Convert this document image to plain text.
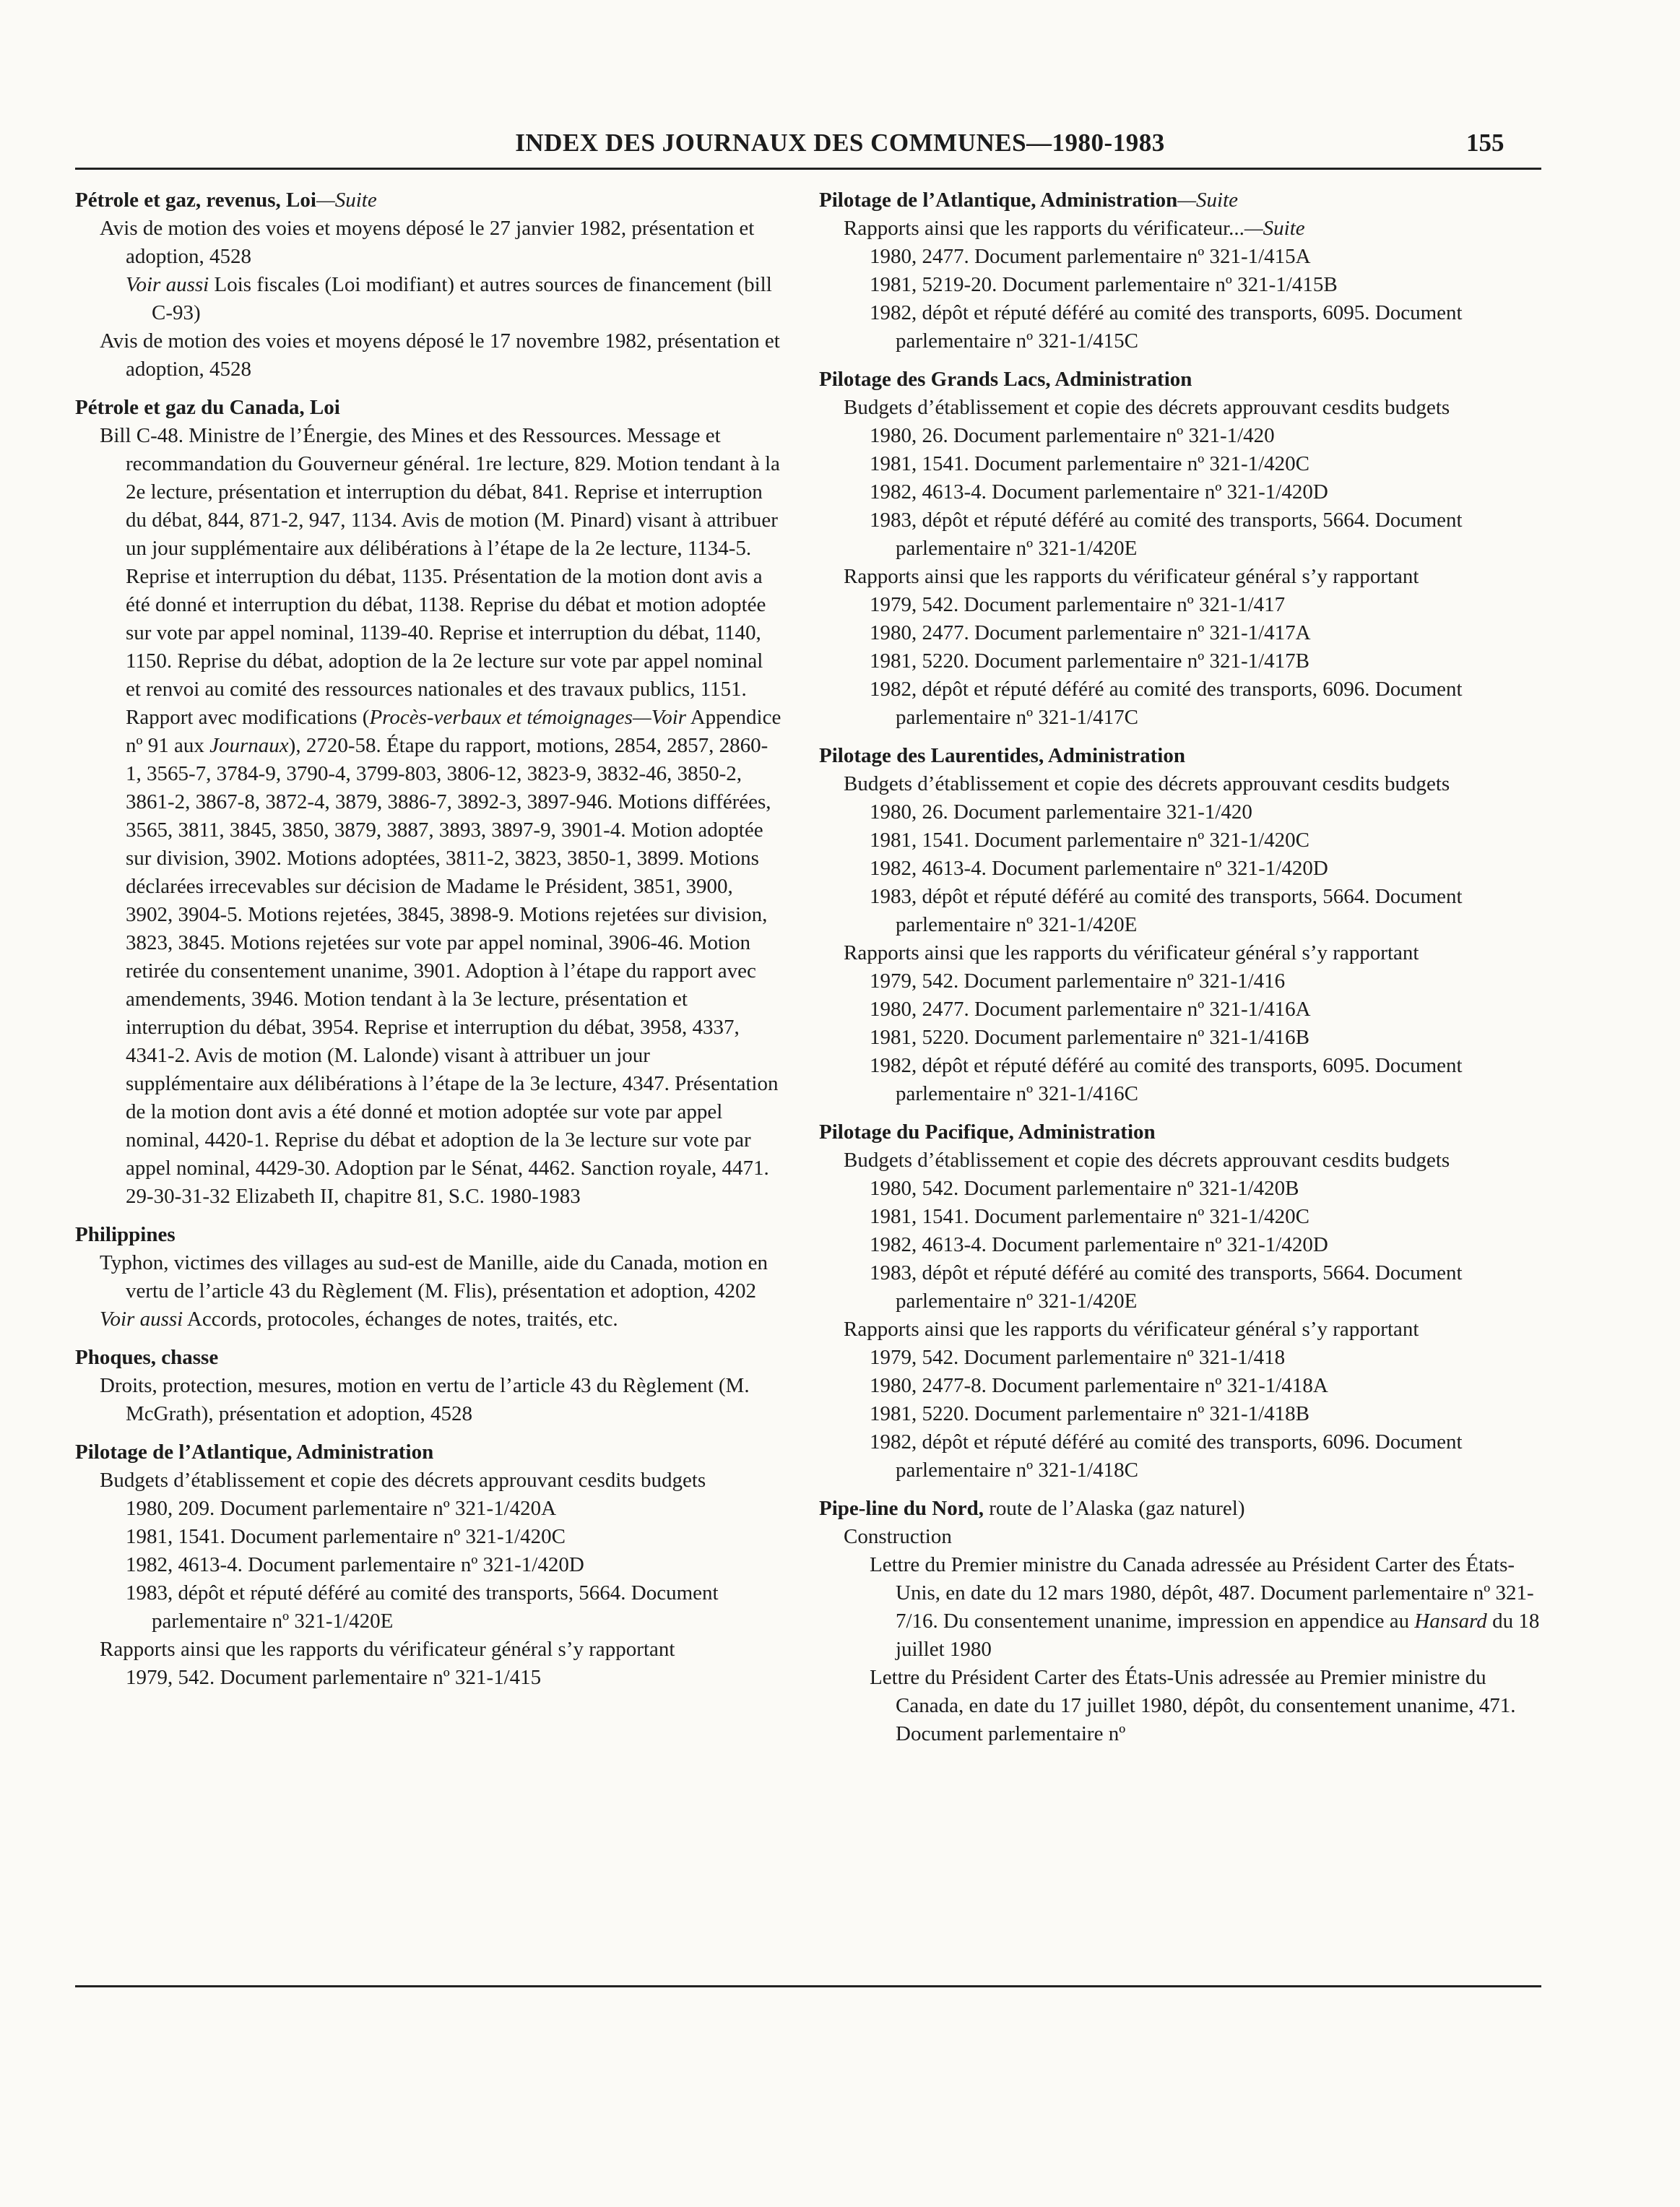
INDEX DES JOURNAUX DES COMMUNES—1980-1983	155
Pétrole et gaz, revenus, Loi—Suite
Avis de motion des voies et moyens déposé le 27 janvier 1982, présentation et adoption, 4528
Voir aussi Lois fiscales (Loi modifiant) et autres sources de financement (bill C-93)
Avis de motion des voies et moyens déposé le 17 novembre 1982, présentation et adoption, 4528
Pétrole et gaz du Canada, Loi
Bill C-48. Ministre de l’Énergie, des Mines et des Ressources. Message et recommandation du Gouverneur général. 1re lecture, 829. Motion tendant à la 2e lecture, présentation et interruption du débat, 841. Reprise et interruption du débat, 844, 871-2, 947, 1134. Avis de motion (M. Pinard) visant à attribuer un jour supplémentaire aux délibérations à l’étape de la 2e lecture, 1134-5. Reprise et interruption du débat, 1135. Présentation de la motion dont avis a été donné et interruption du débat, 1138. Reprise du débat et motion adoptée sur vote par appel nominal, 1139-40. Reprise et interruption du débat, 1140, 1150. Reprise du débat, adoption de la 2e lecture sur vote par appel nominal et renvoi au comité des ressources nationales et des travaux publics, 1151. Rapport avec modifications (Procès-verbaux et témoignages—Voir Appendice nº 91 aux Journaux), 2720-58. Étape du rapport, motions, 2854, 2857, 2860-1, 3565-7, 3784-9, 3790-4, 3799-803, 3806-12, 3823-9, 3832-46, 3850-2, 3861-2, 3867-8, 3872-4, 3879, 3886-7, 3892-3, 3897-946. Motions différées, 3565, 3811, 3845, 3850, 3879, 3887, 3893, 3897-9, 3901-4. Motion adoptée sur division, 3902. Motions adoptées, 3811-2, 3823, 3850-1, 3899. Motions déclarées irrecevables sur décision de Madame le Président, 3851, 3900, 3902, 3904-5. Motions rejetées, 3845, 3898-9. Motions rejetées sur division, 3823, 3845. Motions rejetées sur vote par appel nominal, 3906-46. Motion retirée du consentement unanime, 3901. Adoption à l’étape du rapport avec amendements, 3946. Motion tendant à la 3e lecture, présentation et interruption du débat, 3954. Reprise et interruption du débat, 3958, 4337, 4341-2. Avis de motion (M. Lalonde) visant à attribuer un jour supplémentaire aux délibérations à l’étape de la 3e lecture, 4347. Présentation de la motion dont avis a été donné et motion adoptée sur vote par appel nominal, 4420-1. Reprise du débat et adoption de la 3e lecture sur vote par appel nominal, 4429-30. Adoption par le Sénat, 4462. Sanction royale, 4471. 29-30-31-32 Elizabeth II, chapitre 81, S.C. 1980-1983
Philippines
Typhon, victimes des villages au sud-est de Manille, aide du Canada, motion en vertu de l’article 43 du Règlement (M. Flis), présentation et adoption, 4202
Voir aussi Accords, protocoles, échanges de notes, traités, etc.
Phoques, chasse
Droits, protection, mesures, motion en vertu de l’article 43 du Règlement (M. McGrath), présentation et adoption, 4528
Pilotage de l’Atlantique, Administration
Budgets d’établissement et copie des décrets approuvant cesdits budgets
1980, 209. Document parlementaire nº 321-1/420A
1981, 1541. Document parlementaire nº 321-1/420C
1982, 4613-4. Document parlementaire nº 321-1/420D
1983, dépôt et réputé déféré au comité des transports, 5664. Document parlementaire nº 321-1/420E
Rapports ainsi que les rapports du vérificateur général s’y rapportant
1979, 542. Document parlementaire nº 321-1/415
Pilotage de l’Atlantique, Administration—Suite
Rapports ainsi que les rapports du vérificateur...—Suite
1980, 2477. Document parlementaire nº 321-1/415A
1981, 5219-20. Document parlementaire nº 321-1/415B
1982, dépôt et réputé déféré au comité des transports, 6095. Document parlementaire nº 321-1/415C
Pilotage des Grands Lacs, Administration
Budgets d’établissement et copie des décrets approuvant cesdits budgets
1980, 26. Document parlementaire nº 321-1/420
1981, 1541. Document parlementaire nº 321-1/420C
1982, 4613-4. Document parlementaire nº 321-1/420D
1983, dépôt et réputé déféré au comité des transports, 5664. Document parlementaire nº 321-1/420E
Rapports ainsi que les rapports du vérificateur général s’y rapportant
1979, 542. Document parlementaire nº 321-1/417
1980, 2477. Document parlementaire nº 321-1/417A
1981, 5220. Document parlementaire nº 321-1/417B
1982, dépôt et réputé déféré au comité des transports, 6096. Document parlementaire nº 321-1/417C
Pilotage des Laurentides, Administration
Budgets d’établissement et copie des décrets approuvant cesdits budgets
1980, 26. Document parlementaire 321-1/420
1981, 1541. Document parlementaire nº 321-1/420C
1982, 4613-4. Document parlementaire nº 321-1/420D
1983, dépôt et réputé déféré au comité des transports, 5664. Document parlementaire nº 321-1/420E
Rapports ainsi que les rapports du vérificateur général s’y rapportant
1979, 542. Document parlementaire nº 321-1/416
1980, 2477. Document parlementaire nº 321-1/416A
1981, 5220. Document parlementaire nº 321-1/416B
1982, dépôt et réputé déféré au comité des transports, 6095. Document parlementaire nº 321-1/416C
Pilotage du Pacifique, Administration
Budgets d’établissement et copie des décrets approuvant cesdits budgets
1980, 542. Document parlementaire nº 321-1/420B
1981, 1541. Document parlementaire nº 321-1/420C
1982, 4613-4. Document parlementaire nº 321-1/420D
1983, dépôt et réputé déféré au comité des transports, 5664. Document parlementaire nº 321-1/420E
Rapports ainsi que les rapports du vérificateur général s’y rapportant
1979, 542. Document parlementaire nº 321-1/418
1980, 2477-8. Document parlementaire nº 321-1/418A
1981, 5220. Document parlementaire nº 321-1/418B
1982, dépôt et réputé déféré au comité des transports, 6096. Document parlementaire nº 321-1/418C
Pipe-line du Nord, route de l’Alaska (gaz naturel)
Construction
Lettre du Premier ministre du Canada adressée au Président Carter des États-Unis, en date du 12 mars 1980, dépôt, 487. Document parlementaire nº 321-7/16. Du consentement unanime, impression en appendice au Hansard du 18 juillet 1980
Lettre du Président Carter des États-Unis adressée au Premier ministre du Canada, en date du 17 juillet 1980, dépôt, du consentement unanime, 471. Document parlementaire nº
